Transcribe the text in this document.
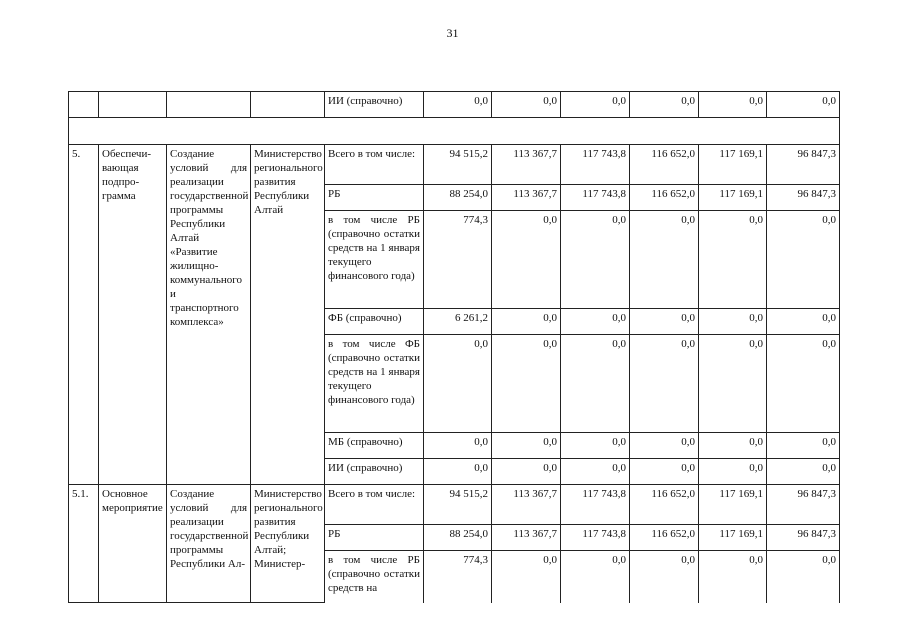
31
				ИИ (справочно)	0,0	0,0	0,0	0,0	0,0	0,0

5.	Обеспечи-вающая подпро-грамма	Создание условий для реализации государственной программы Республики Алтай «Развитие жилищно-коммунального и транспортного комплекса»	Министерство регионального развития Республики Алтай	Всего в том числе:	94 515,2	113 367,7	117 743,8	116 652,0	117 169,1	96 847,3
				РБ	88 254,0	113 367,7	117 743,8	116 652,0	117 169,1	96 847,3
				в том числе РБ (справочно остатки средств на 1 января текущего финансового года)	774,3	0,0	0,0	0,0	0,0	0,0
				ФБ (справочно)	6 261,2	0,0	0,0	0,0	0,0	0,0
				в том числе ФБ (справочно остатки средств на 1 января текущего финансового года)	0,0	0,0	0,0	0,0	0,0	0,0
				МБ (справочно)	0,0	0,0	0,0	0,0	0,0	0,0
				ИИ (справочно)	0,0	0,0	0,0	0,0	0,0	0,0
5.1.	Основное мероприятие	Создание условий для реализации государственной программы Республики Ал-	Министерство регионального развития Республики Алтай; Министер-	Всего в том числе:	94 515,2	113 367,7	117 743,8	116 652,0	117 169,1	96 847,3
				РБ	88 254,0	113 367,7	117 743,8	116 652,0	117 169,1	96 847,3
				в том числе РБ (справочно остатки средств на	774,3	0,0	0,0	0,0	0,0	0,0
